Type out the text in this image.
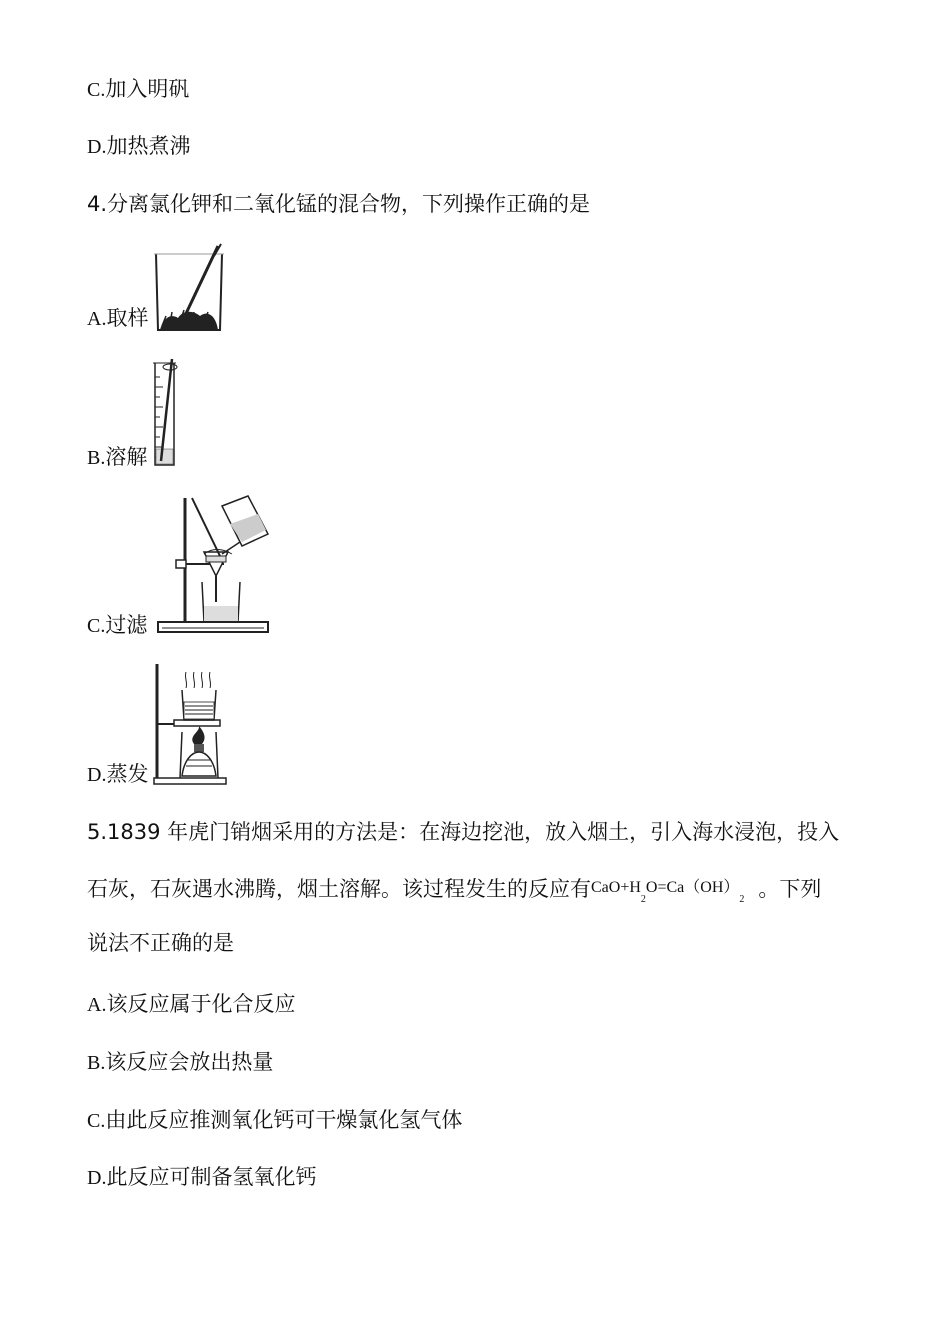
C.加入明矾
D.加热煮沸
4.分离氯化钾和二氧化锰的混合物，下列操作正确的是
A.取样
B.溶解
C.过滤
D.蒸发
5.1839 年虎门销烟采用的方法是：在海边挖池，放入烟土，引入海水浸泡，投入
石灰，石灰遇水沸腾，烟土溶解。该过程发生的反应有$CaO+H_2O=Ca(OH)_2$ 。下列
说法不正确的是
A.该反应属于化合反应
B.该反应会放出热量
C.由此反应推测氧化钙可干燥氯化氢气体
D.此反应可制备氢氧化钙
